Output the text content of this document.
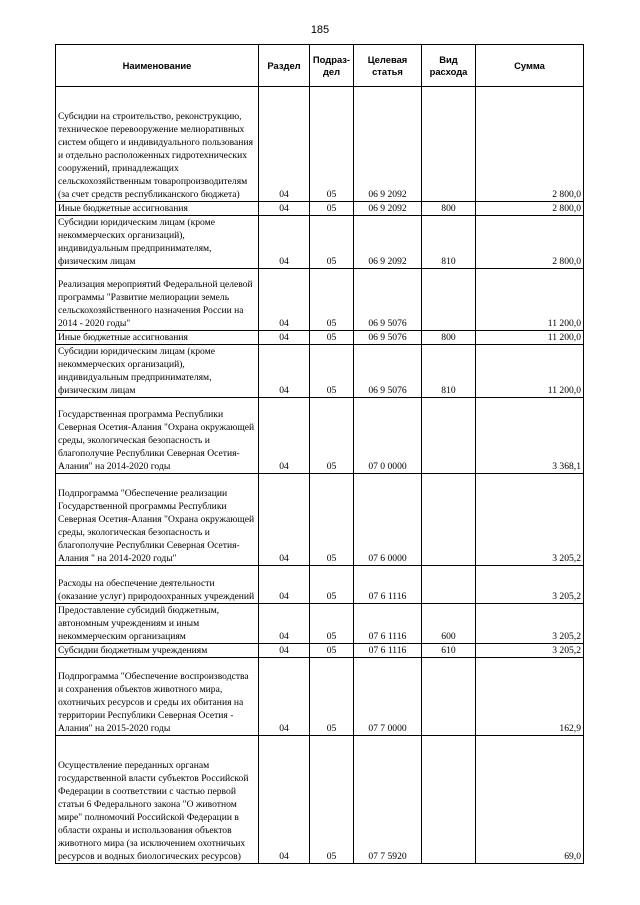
185
Наименование	Раздел	Подраз-дел	Целевая статья	Вид расхода	Сумма
Субсидии на строительство, реконструкцию, техническое перевооружение мелиоративных систем общего и индивидуального пользования и отдельно расположенных гидротехнических сооружений, принадлежащих сельскохозяйственным товаропроизводителям (за счет средств республиканского бюджета)	04	05	06 9 2092		2 800,0
Иные бюджетные ассигнования	04	05	06 9 2092	800	2 800,0
Субсидии юридическим лицам (кроме некоммерческих организаций), индивидуальным предпринимателям, физическим лицам	04	05	06 9 2092	810	2 800,0
Реализация мероприятий Федеральной целевой программы "Развитие мелиорации земель сельскохозяйственного назначения России на 2014 - 2020 годы"	04	05	06 9 5076		11 200,0
Иные бюджетные ассигнования	04	05	06 9 5076	800	11 200,0
Субсидии юридическим лицам (кроме некоммерческих организаций), индивидуальным предпринимателям, физическим лицам	04	05	06 9 5076	810	11 200,0
Государственная программа Республики Северная Осетия-Алания "Охрана окружающей среды, экологическая безопасность и благополучие Республики Северная Осетия-Алания" на 2014-2020 годы	04	05	07 0 0000		3 368,1
Подпрограмма "Обеспечение реализации Государственной программы Республики Северная Осетия-Алания "Охрана окружающей среды, экологическая безопасность и благополучие Республики Северная Осетия-Алания " на 2014-2020 годы"	04	05	07 6 0000		3 205,2
Расходы на обеспечение деятельности (оказание услуг) природоохранных учреждений	04	05	07 6 1116		3 205,2
Предоставление субсидий бюджетным, автономным учреждениям и иным некоммерческим организациям	04	05	07 6 1116	600	3 205,2
Субсидии бюджетным учреждениям	04	05	07 6 1116	610	3 205,2
Подпрограмма "Обеспечение воспроизводства и сохранения объектов животного мира, охотничьих ресурсов и среды их обитания на территории Республики Северная Осетия - Алания" на 2015-2020 годы	04	05	07 7 0000		162,9
Осуществление переданных органам государственной власти субъектов Российской Федерации в соответствии с частью первой статьи 6 Федерального закона "О животном мире" полномочий Российской Федерации в области охраны и использования объектов животного мира (за исключением охотничьих ресурсов и водных биологических ресурсов)	04	05	07 7 5920		69,0
